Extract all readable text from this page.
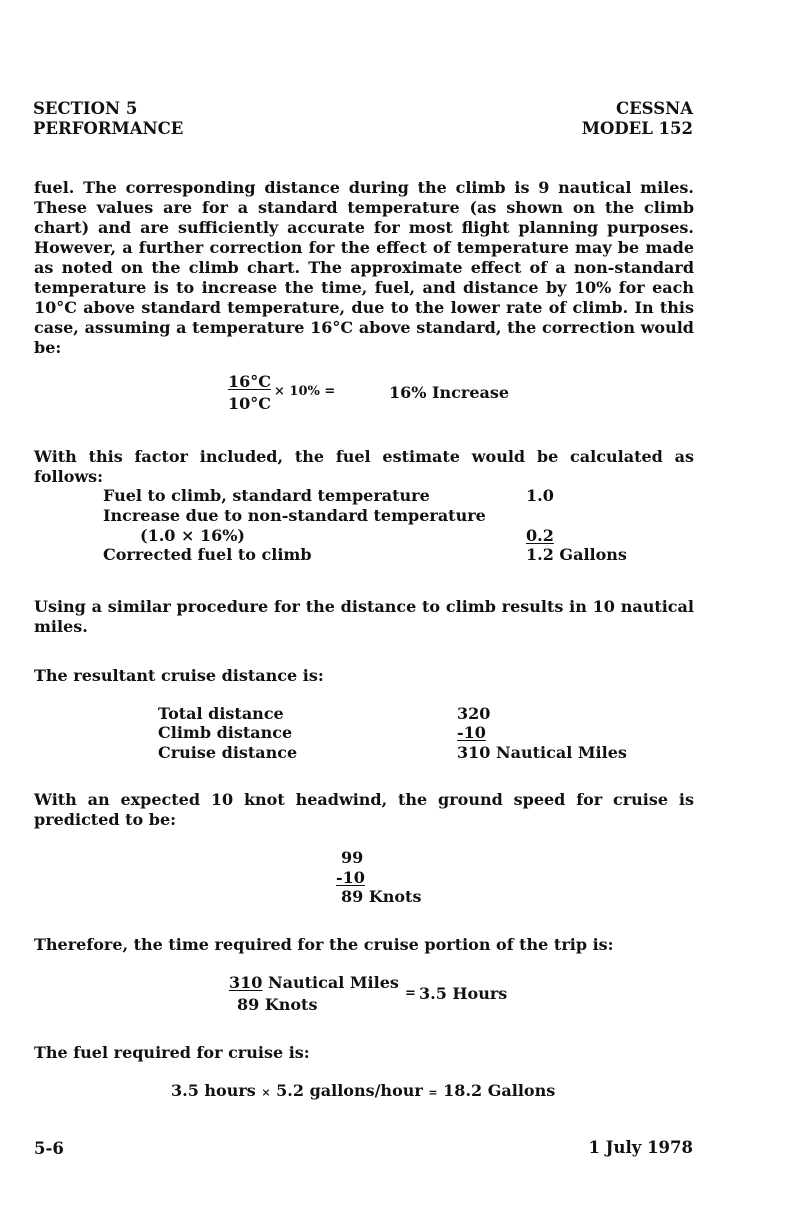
SECTION 5
PERFORMANCE
CESSNA
MODEL 152
fuel. The corresponding distance during the climb is 9 nautical miles. These values are for a standard temperature (as shown on the climb chart) and are sufficiently accurate for most flight planning purposes. However, a further correction for the effect of temperature may be made as noted on the climb chart. The approximate effect of a non-standard temperature is to increase the time, fuel, and distance by 10% for each 10°C above standard temperature, due to the lower rate of climb. In this case, assuming a temperature 16°C above standard, the correction would be:
16°C
10°C
× 10% =	16% Increase
With this factor included, the fuel estimate would be calculated as follows:
Fuel to climb, standard temperature	1.0
Increase due to non-standard temperature
(1.0 × 16%)	0.2
Corrected fuel to climb	1.2 Gallons
Using a similar procedure for the distance to climb results in 10 nautical miles.
The resultant cruise distance is:
Total distance	320
Climb distance	-10
Cruise distance	310 Nautical Miles
With an expected 10 knot headwind, the ground speed for cruise is predicted to be:
99
-10
89 Knots
Therefore, the time required for the cruise portion of the trip is:
310 Nautical Miles
89 Knots
= 3.5 Hours
The fuel required for cruise is:
3.5 hours × 5.2 gallons/hour = 18.2 Gallons
5-6	1 July 1978
